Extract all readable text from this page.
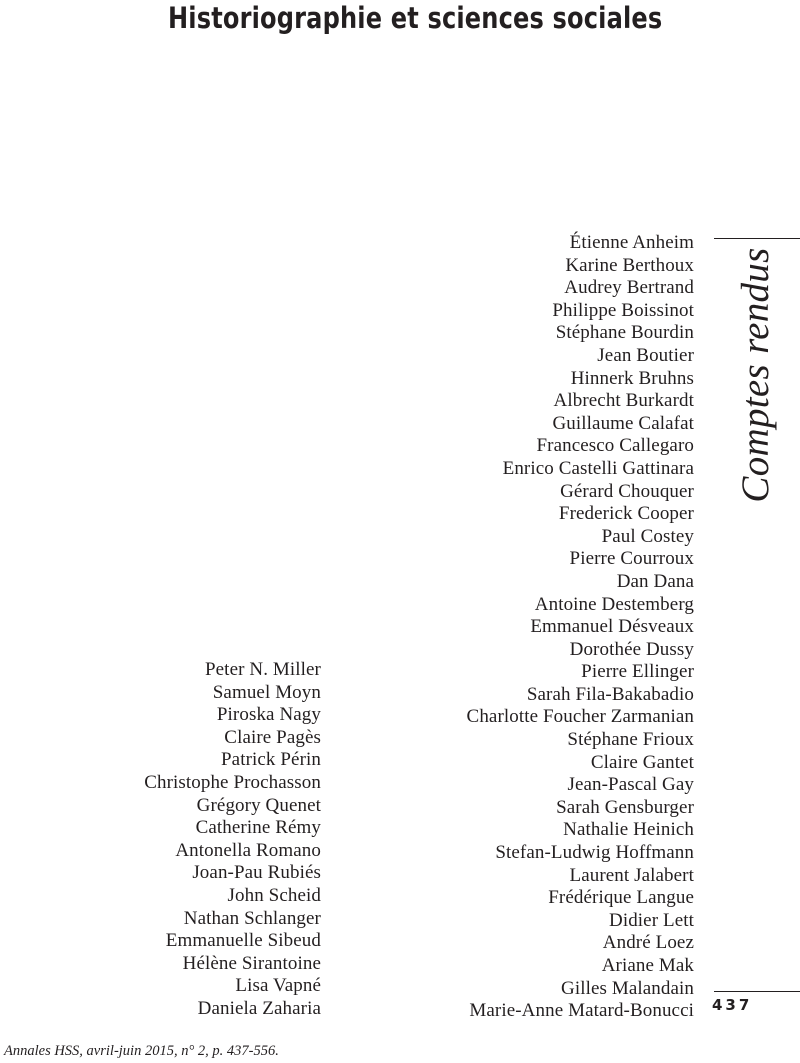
Historiographie et sciences sociales
Peter N. Miller
Samuel Moyn
Piroska Nagy
Claire Pagès
Patrick Périn
Christophe Prochasson
Grégory Quenet
Catherine Rémy
Antonella Romano
Joan-Pau Rubiés
John Scheid
Nathan Schlanger
Emmanuelle Sibeud
Hélène Sirantoine
Lisa Vapné
Daniela Zaharia
Étienne Anheim
Karine Berthoux
Audrey Bertrand
Philippe Boissinot
Stéphane Bourdin
Jean Boutier
Hinnerk Bruhns
Albrecht Burkardt
Guillaume Calafat
Francesco Callegaro
Enrico Castelli Gattinara
Gérard Chouquer
Frederick Cooper
Paul Costey
Pierre Courroux
Dan Dana
Antoine Destemberg
Emmanuel Désveaux
Dorothée Dussy
Pierre Ellinger
Sarah Fila-Bakabadio
Charlotte Foucher Zarmanian
Stéphane Frioux
Claire Gantet
Jean-Pascal Gay
Sarah Gensburger
Nathalie Heinich
Stefan-Ludwig Hoffmann
Laurent Jalabert
Frédérique Langue
Didier Lett
André Loez
Ariane Mak
Gilles Malandain
Marie-Anne Matard-Bonucci
Comptes rendus
437
Annales HSS, avril-juin 2015, n° 2, p. 437-556.
